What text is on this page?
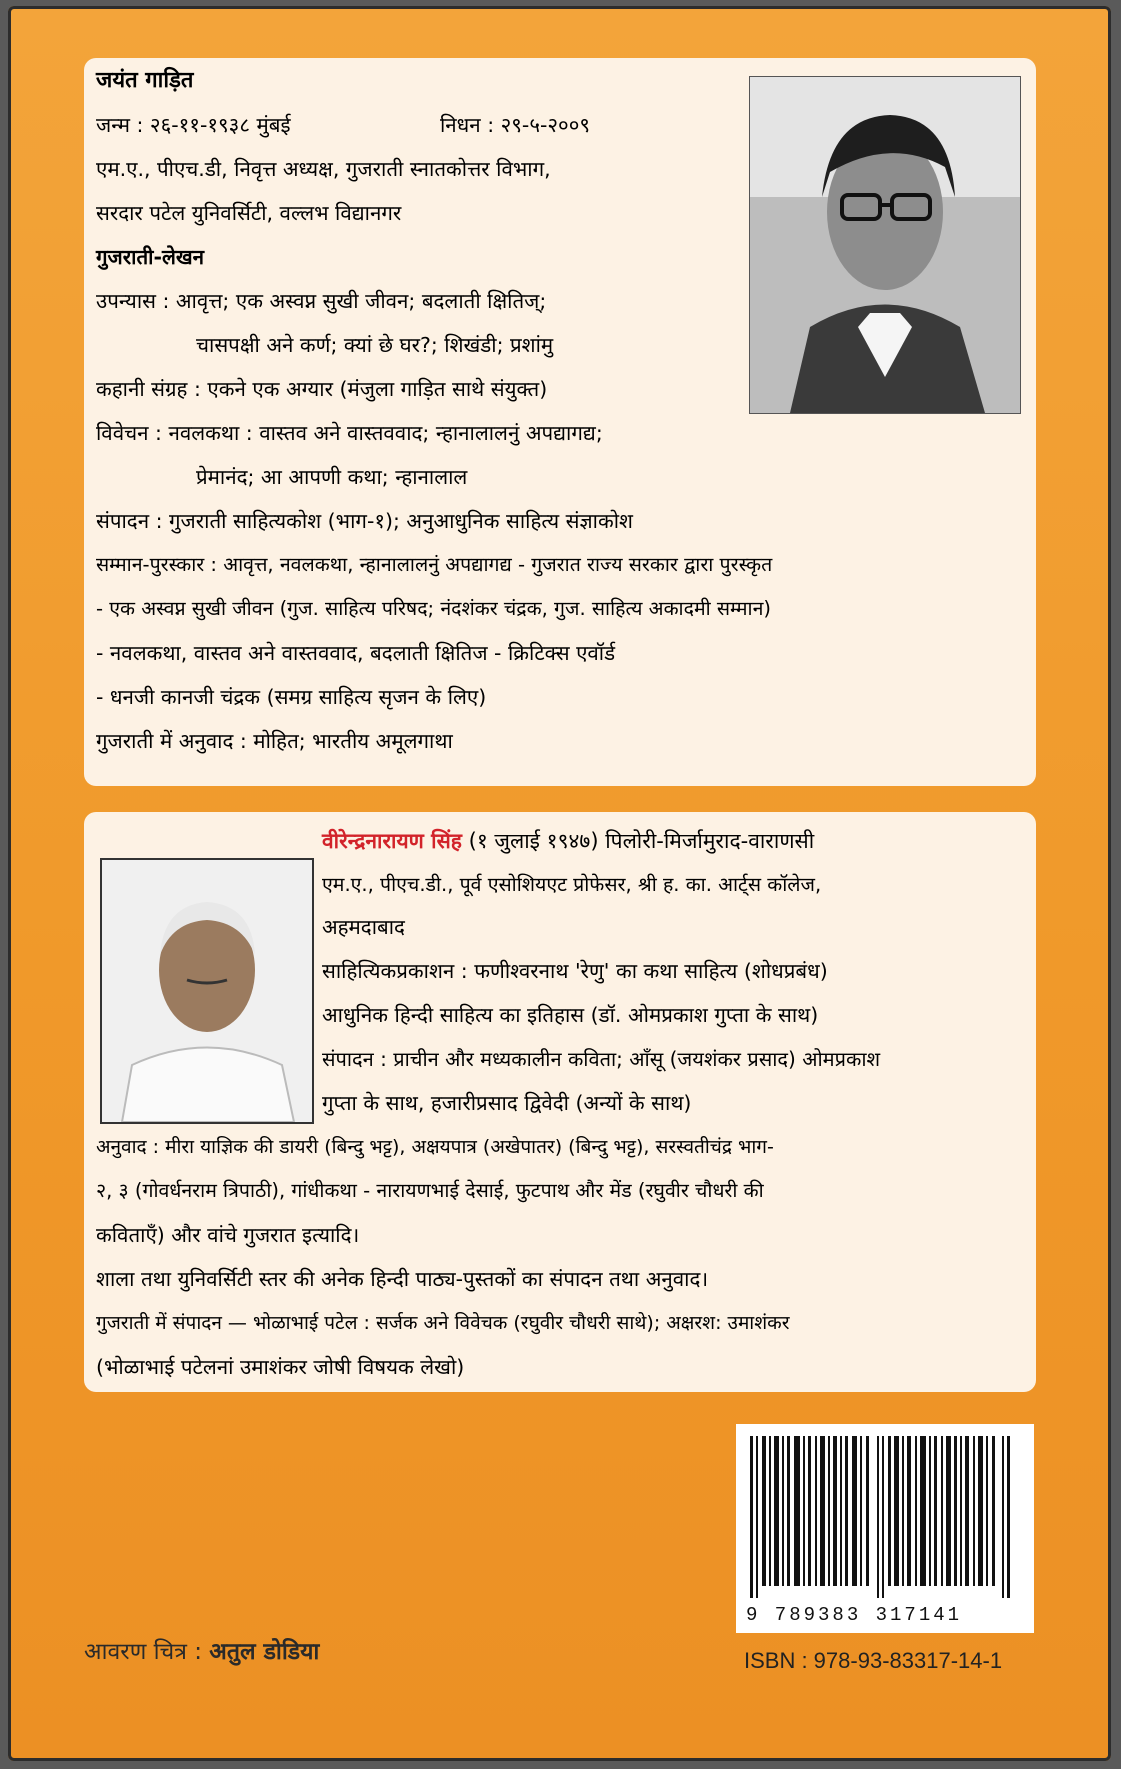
जयंत गाड़ित
जन्म : २६-११-१९३८ मुंबई	निधन : २९-५-२००९
एम.ए., पीएच.डी, निवृत्त अध्यक्ष, गुजराती स्नातकोत्तर विभाग,
सरदार पटेल युनिवर्सिटी, वल्लभ विद्यानगर
गुजराती-लेखन
उपन्यास : आवृत्त; एक अस्वप्न सुखी जीवन; बदलाती क्षितिज्;
चासपक्षी अने कर्ण; क्यां छे घर?; शिखंडी; प्रशांमु
कहानी संग्रह : एकने एक अग्यार (मंजुला गाड़ित साथे संयुक्त)
विवेचन : नवलकथा : वास्तव अने वास्तववाद; न्हानालालनुं अपद्यागद्य;
प्रेमानंद; आ आपणी कथा; न्हानालाल
संपादन : गुजराती साहित्यकोश (भाग-१); अनुआधुनिक साहित्य संज्ञाकोश
सम्मान-पुरस्कार : आवृत्त, नवलकथा, न्हानालालनुं अपद्यागद्य - गुजरात राज्य सरकार द्वारा पुरस्कृत
- एक अस्वप्न सुखी जीवन (गुज. साहित्य परिषद; नंदशंकर चंद्रक, गुज. साहित्य अकादमी सम्मान)
- नवलकथा, वास्तव अने वास्तववाद, बदलाती क्षितिज - क्रिटिक्स एवॉर्ड
- धनजी कानजी चंद्रक (समग्र साहित्य सृजन के लिए)
गुजराती में अनुवाद : मोहित; भारतीय अमूलगाथा
वीरेन्द्रनारायण सिंह (१ जुलाई १९४७) पिलोरी-मिर्जामुराद-वाराणसी
एम.ए., पीएच.डी., पूर्व एसोशियएट प्रोफेसर, श्री ह. का. आर्ट्स कॉलेज,
अहमदाबाद
साहित्यिकप्रकाशन : फणीश्वरनाथ 'रेणु' का कथा साहित्य (शोधप्रबंध)
आधुनिक हिन्दी साहित्य का इतिहास (डॉ. ओमप्रकाश गुप्ता के साथ)
संपादन : प्राचीन और मध्यकालीन कविता; आँसू (जयशंकर प्रसाद) ओमप्रकाश
गुप्ता के साथ, हजारीप्रसाद द्विवेदी (अन्यों के साथ)
अनुवाद : मीरा याज्ञिक की डायरी (बिन्दु भट्ट), अक्षयपात्र (अखेपातर) (बिन्दु भट्ट), सरस्वतीचंद्र भाग-
२, ३ (गोवर्धनराम त्रिपाठी), गांधीकथा - नारायणभाई देसाई, फुटपाथ और मेंड (रघुवीर चौधरी की
कविताएँ) और वांचे गुजरात इत्यादि।
शाला तथा युनिवर्सिटी स्तर की अनेक हिन्दी पाठ्य-पुस्तकों का संपादन तथा अनुवाद।
गुजराती में संपादन — भोळाभाई पटेल : सर्जक अने विवेचक (रघुवीर चौधरी साथे); अक्षरश: उमाशंकर
(भोळाभाई पटेलनां उमाशंकर जोषी विषयक लेखो)
9 789383 317141
ISBN : 978-93-83317-14-1
आवरण चित्र : अतुल डोडिया
